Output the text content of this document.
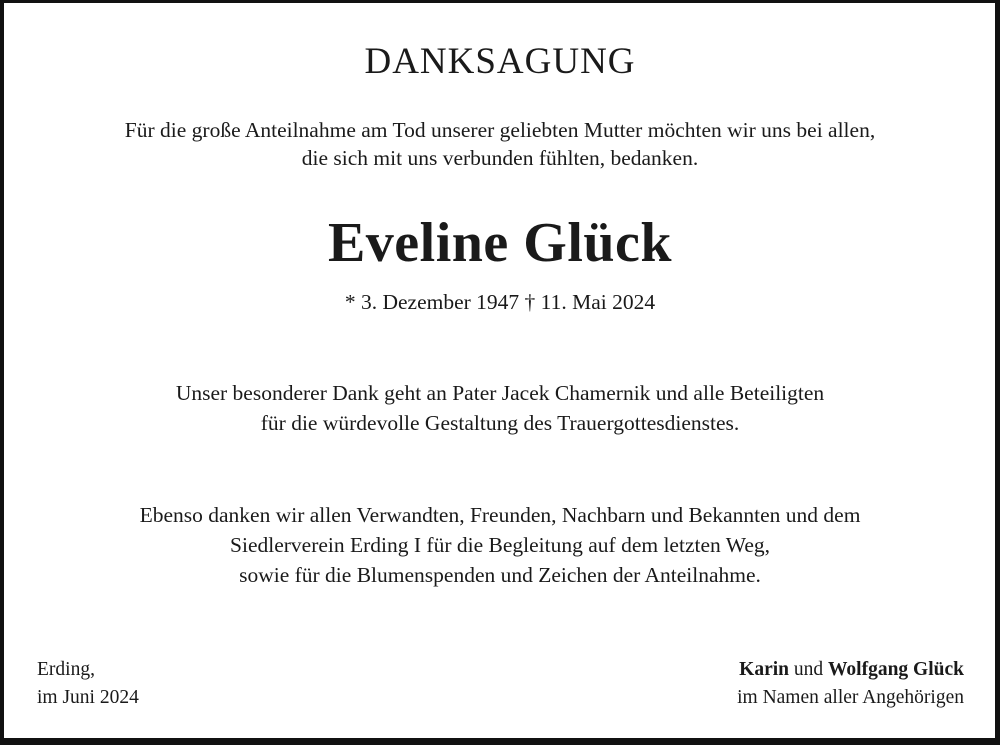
DANKSAGUNG
Für die große Anteilnahme am Tod unserer geliebten Mutter möchten wir uns bei allen,
die sich mit uns verbunden fühlten, bedanken.
Eveline Glück
* 3. Dezember 1947 † 11. Mai 2024
Unser besonderer Dank geht an Pater Jacek Chamernik und alle Beteiligten
für die würdevolle Gestaltung des Trauergottesdienstes.
Ebenso danken wir allen Verwandten, Freunden, Nachbarn und Bekannten und dem
Siedlerverein Erding I für die Begleitung auf dem letzten Weg,
sowie für die Blumenspenden und Zeichen der Anteilnahme.
Erding,
im Juni 2024
Karin und Wolfgang Glück
im Namen aller Angehörigen
